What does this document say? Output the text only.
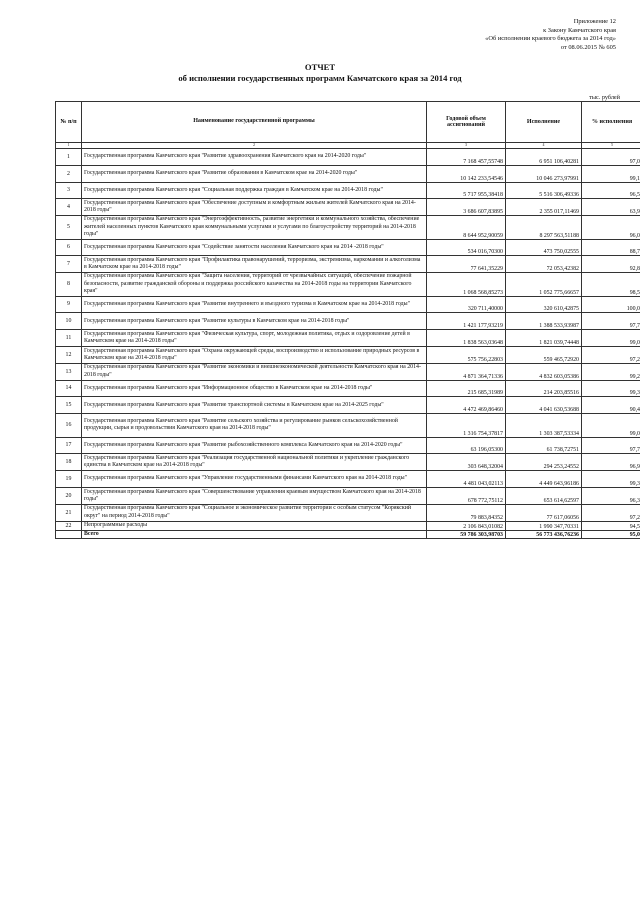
Приложение 12
к Закону Камчатского края
«Об исполнении краевого бюджета за 2014 год»
от 08.06.2015 № 605
ОТЧЕТ
об исполнении государственных программ Камчатского края за 2014 год
тыс. рублей
№ п/п	Наименование государственной программы	Годовой объем ассигнований	Исполнение	% исполнения
1	2	3	4	5
1	Государственная программа Камчатского края "Развитие здравоохранения Камчатского края на 2014-2020 годы"	7 168 457,55748	6 951 106,40281	97,0
2	Государственная программа Камчатского края "Развитие образования в Камчатском крае на 2014-2020 годы"	10 142 233,54546	10 046 273,97991	99,1
3	Государственная программа Камчатского края "Социальная поддержка граждан в Камчатском крае на 2014-2018 годы"	5 717 955,38418	5 516 306,49336	96,5
4	Государственная программа Камчатского края "Обеспечение доступным и комфортным жильем жителей Камчатского края на 2014-2018 годы"	3 686 607,83895	2 355 017,11469	63,9
5	Государственная программа Камчатского края "Энергоэффективность, развитие энергетики и коммунального хозяйства, обеспечение жителей населенных пунктов Камчатского края коммунальными услугами и услугами по благоустройству территорий на 2014-2018 годы"	8 644 952,90059	8 297 563,51188	96,0
6	Государственная программа Камчатского края "Содействие занятости населения Камчатского края на 2014 -2018 годы"	534 016,70300	473 750,02555	88,7
7	Государственная программа Камчатского края "Профилактика правонарушений, терроризма, экстремизма, наркомании и алкоголизма в Камчатском крае на 2014-2018 годы"	77 641,35229	72 053,42382	92,8
8	Государственная программа Камчатского края "Защита населения, территорий от чрезвычайных ситуаций, обеспечение пожарной безопасности, развитие гражданской обороны и поддержка российского казачества на 2014-2018 годы на территории Камчатского края"	1 068 568,85273	1 052 775,66657	98,5
9	Государственная программа Камчатского края "Развитие внутреннего и въездного туризма в Камчатском крае на 2014-2018 годы"	320 711,40000	320 610,42875	100,0
10	Государственная программа Камчатского края "Развитие культуры в Камчатском крае на 2014-2018 годы"	1 421 177,93219	1 388 533,93987	97,7
11	Государственная программа Камчатского края "Физическая культура, спорт, молодежная политика, отдых и оздоровление детей в Камчатском крае на 2014-2018 годы"	1 838 563,03648	1 821 039,74448	99,0
12	Государственная программа Камчатского края "Охрана окружающей среды, воспроизводство и использование природных ресурсов в Камчатском крае на 2014-2018 годы"	575 756,22803	559 465,72920	97,2
13	Государственная программа Камчатского края "Развитие экономики и внешнеэкономической деятельности Камчатского края на 2014-2018 годы"	4 871 364,71336	4 832 603,05386	99,2
14	Государственная программа Камчатского края "Информационное общество в Камчатском крае на 2014-2018 годы"	215 685,31989	214 203,85516	99,3
15	Государственная программа Камчатского края "Развитие транспортной системы в Камчатском крае на 2014-2025 годы"	4 472 469,86460	4 041 630,53688	90,4
16	Государственная программа Камчатского края "Развитие сельского хозяйства и регулирование рынков сельскохозяйственной продукции, сырья и продовольствия Камчатского края на 2014-2018 годы"	1 316 754,37817	1 303 387,53334	99,0
17	Государственная программа Камчатского края "Развитие рыбохозяйственного комплекса Камчатского края на 2014-2020 годы"	63 196,05300	61 738,72751	97,7
18	Государственная программа Камчатского края "Реализация государственной национальной политики и укрепление гражданского единства в Камчатском крае на 2014-2018 годы"	303 648,32004	294 253,24552	96,9
19	Государственная программа Камчатского края "Управление государственными финансами Камчатского края на 2014-2018 годы"	4 481 043,02113	4 449 643,96186	99,3
20	Государственная программа Камчатского края "Совершенствование управления краевым имуществом Камчатского края на 2014-2018 годы"	678 772,75112	653 614,62597	96,3
21	Государственная программа Камчатского края "Социальное и экономическое развитие территории с особым статусом "Корякский округ" на период 2014-2018 годы"	79 883,84352	77 617,06056	97,2
22	Непрограммные расходы	2 106 843,01082	1 990 347,70331	94,5
	Всего	59 786 303,98703	56 773 436,76236	95,0
